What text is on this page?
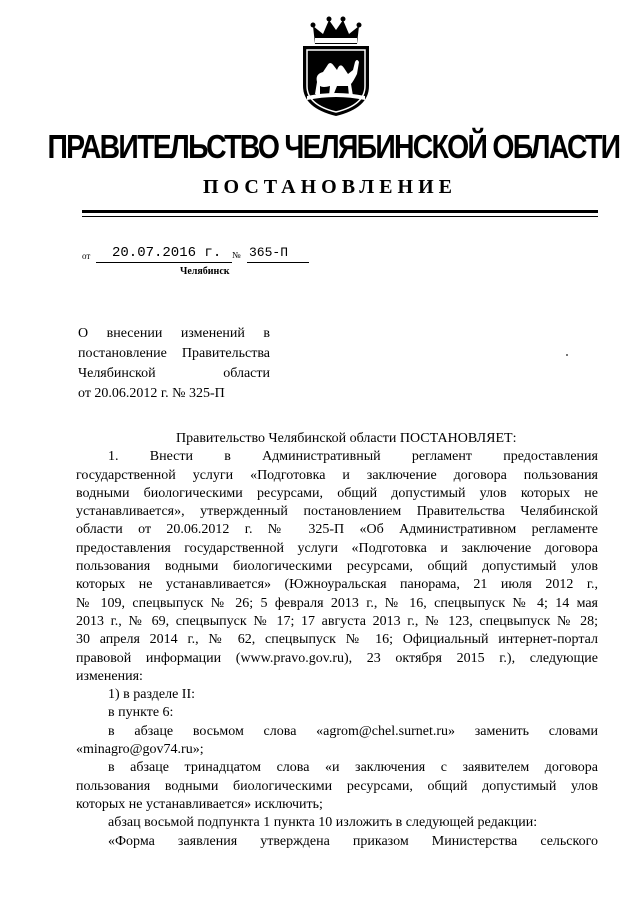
ПРАВИТЕЛЬСТВО ЧЕЛЯБИНСКОЙ ОБЛАСТИ
ПОСТАНОВЛЕНИЕ
от 20.07.2016 г. № 365-П
Челябинск
О внесении изменений в
постановление Правительства
Челябинской области
от 20.06.2012 г. № 325-П
Правительство Челябинской области ПОСТАНОВЛЯЕТ:
1. Внести в Административный регламент предоставления
государственной услуги «Подготовка и заключение договора пользования
водными биологическими ресурсами, общий допустимый улов которых не
устанавливается», утвержденный постановлением Правительства Челябинской
области от 20.06.2012 г. № 325-П «Об Административном регламенте
предоставления государственной услуги «Подготовка и заключение договора
пользования водными биологическими ресурсами, общий допустимый улов
которых не устанавливается» (Южноуральская панорама, 21 июля 2012 г.,
№ 109, спецвыпуск № 26; 5 февраля 2013 г., № 16, спецвыпуск № 4; 14 мая
2013 г., № 69, спецвыпуск № 17; 17 августа 2013 г., № 123, спецвыпуск № 28;
30 апреля 2014 г., № 62, спецвыпуск № 16; Официальный интернет-портал
правовой информации (www.pravo.gov.ru), 23 октября 2015 г.), следующие
изменения:
1) в разделе II:
в пункте 6:
в абзаце восьмом слова «agrom@chel.surnet.ru» заменить словами
«minagro@gov74.ru»;
в абзаце тринадцатом слова «и заключения с заявителем договора
пользования водными биологическими ресурсами, общий допустимый улов
которых не устанавливается» исключить;
абзац восьмой подпункта 1 пункта 10 изложить в следующей редакции:
«Форма заявления утверждена приказом Министерства сельского
